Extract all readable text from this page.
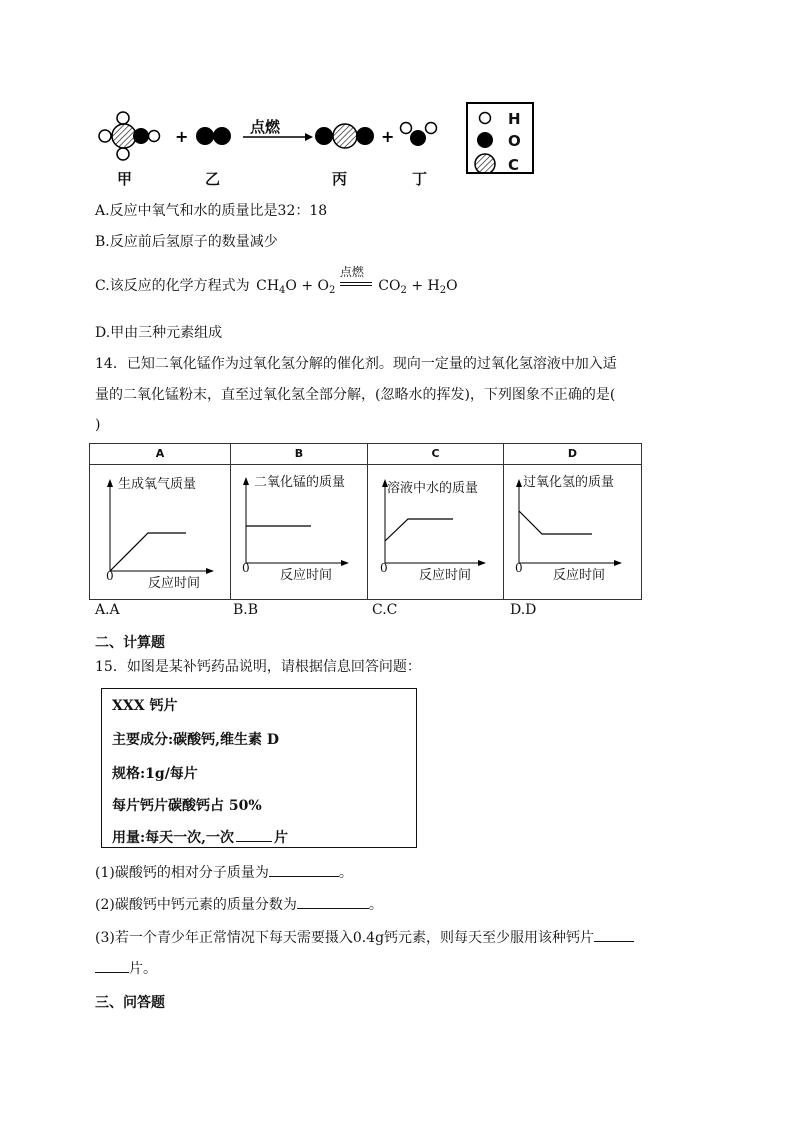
+	+
点燃
甲	乙	丙	丁
H
O
C
A.反应中氧气和水的质量比是32：18
B.反应前后氢原子的数量减少
C.该反应的化学方程式为 $CH_4O + O_2$
点燃
$CO_2 + H_2O$
D.甲由三种元素组成
14．已知二氧化锰作为过氧化氢分解的催化剂。现向一定量的过氧化氢溶液中加入适
量的二氧化锰粉末，直至过氧化氢全部分解，(忽略水的挥发)，下列图象不正确的是(
)
A	B	C	D
生成氧气质量
0	反应时间
二氧化锰的质量
0 反应时间
溶液中水的质量
0 反应时间
过氧化氢的质量
0 反应时间
A.A	B.B	C.C	D.D
二、计算题
15．如图是某补钙药品说明，请根据信息回答问题：
XXX 钙片
主要成分:碳酸钙,维生素 D
规格:1g/每片
每片钙片碳酸钙占 50%
用量:每天一次,一次	片
(1)碳酸钙的相对分子质量为	。
(2)碳酸钙中钙元素的质量分数为	。
(3)若一个青少年正常情况下每天需要摄入0.4g钙元素，则每天至少服用该种钙片
片。
三、问答题
